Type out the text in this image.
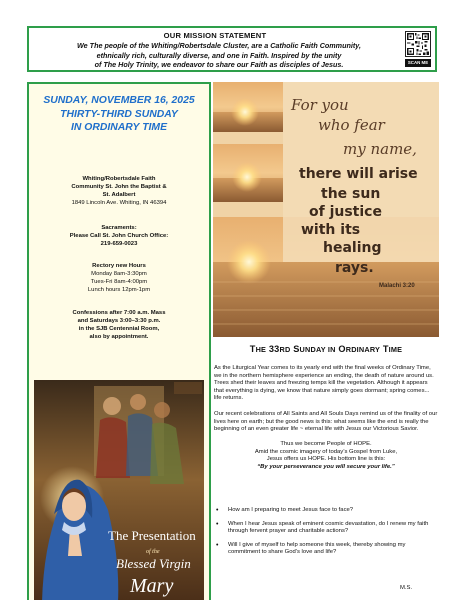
OUR MISSION STATEMENT
We The people of the Whiting/Robertsdale Cluster, are a Catholic Faith Community,
ethnically rich, culturally diverse, and one in Faith. Inspired by the unity
of The Holy Trinity, we endeavor to share our Faith as disciples of Jesus.	SCAN ME
SUNDAY, NOVEMBER 16, 2025
THIRTY-THIRD SUNDAY
IN ORDINARY TIME
Whiting/Robertsdale Faith
Community St. John the Baptist &
St. Adalbert
1849 Lincoln Ave. Whiting, IN 46394
Sacraments:
Please Call St. John Church Office:
219-659-0023
Rectory new Hours
Monday 8am-3:30pm
Tues-Fri 8am-4:00pm
Lunch hours 12pm-1pm
Confessions after 7:00 a.m. Mass
and Saturdays 3:00–3:30 p.m.
in the SJB Centennial Room,
also by appointment.
The Presentation
of the
Blessed Virgin
Mary
For you
who fear
my name,
there will arise
the sun
of justice
with its
healing
rays.
Malachi 3:20
THE 33RD SUNDAY IN ORDINARY TIME
As the Liturgical Year comes to its yearly end with the final weeks of Ordinary Time, we in the northern hemisphere experience an ending, the death of nature around us. Trees shed their leaves and freezing temps kill the vegetation. Although it appears that everything is dying, we know that nature simply goes dormant; spring comes... life returns.
Our recent celebrations of All Saints and All Souls Days remind us of the finality of our lives here on earth; but the good news is this: what seems like the end is really the beginning of an even greater life ~ eternal life with Jesus our Victorious Savior.
Thus we become People of HOPE.
Amid the cosmic imagery of today’s Gospel from Luke,
Jesus offers us HOPE. His bottom line is this:
“By your perseverance you will secure your life.”
• How am I preparing to meet Jesus face to face?
• When I hear Jesus speak of eminent cosmic devastation, do I renew my faith through fervent prayer and charitable actions?
• Will I give of myself to help someone this week, thereby showing my commitment to share God’s love and life?
M.S.
